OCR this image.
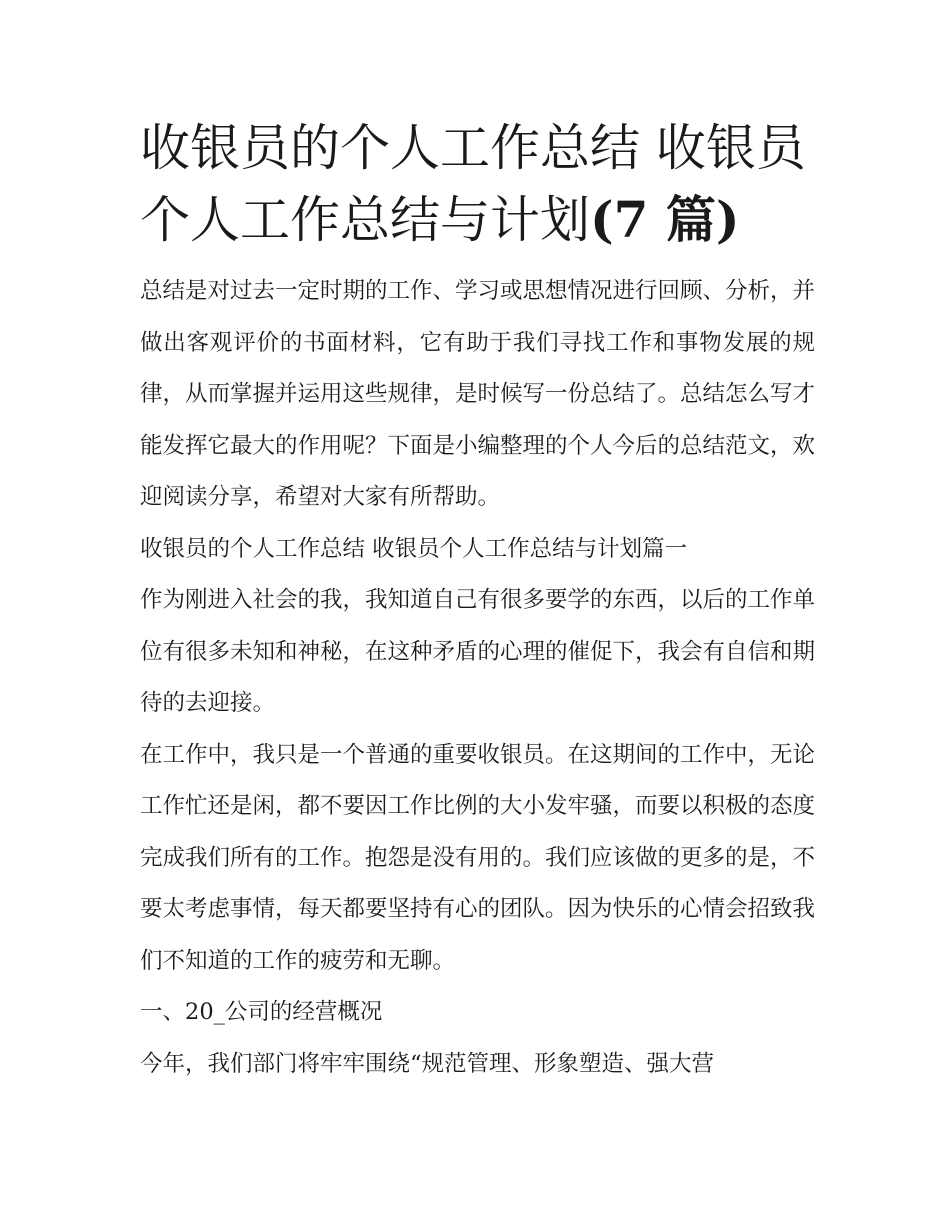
收银员的个人工作总结 收银员个人工作总结与计划(7 篇)

总结是对过去一定时期的工作、学习或思想情况进行回顾、分析，并做出客观评价的书面材料，它有助于我们寻找工作和事物发展的规律，从而掌握并运用这些规律，是时候写一份总结了。总结怎么写才能发挥它最大的作用呢？下面是小编整理的个人今后的总结范文，欢迎阅读分享，希望对大家有所帮助。

收银员的个人工作总结 收银员个人工作总结与计划篇一

作为刚进入社会的我，我知道自己有很多要学的东西，以后的工作单位有很多未知和神秘，在这种矛盾的心理的催促下，我会有自信和期待的去迎接。

在工作中，我只是一个普通的重要收银员。在这期间的工作中，无论工作忙还是闲，都不要因工作比例的大小发牢骚，而要以积极的态度完成我们所有的工作。抱怨是没有用的。我们应该做的更多的是，不要太考虑事情，每天都要坚持有心的团队。因为快乐的心情会招致我们不知道的工作的疲劳和无聊。

一、20_公司的经营概况

今年，我们部门将牢牢围绕“规范管理、形象塑造、强大营
